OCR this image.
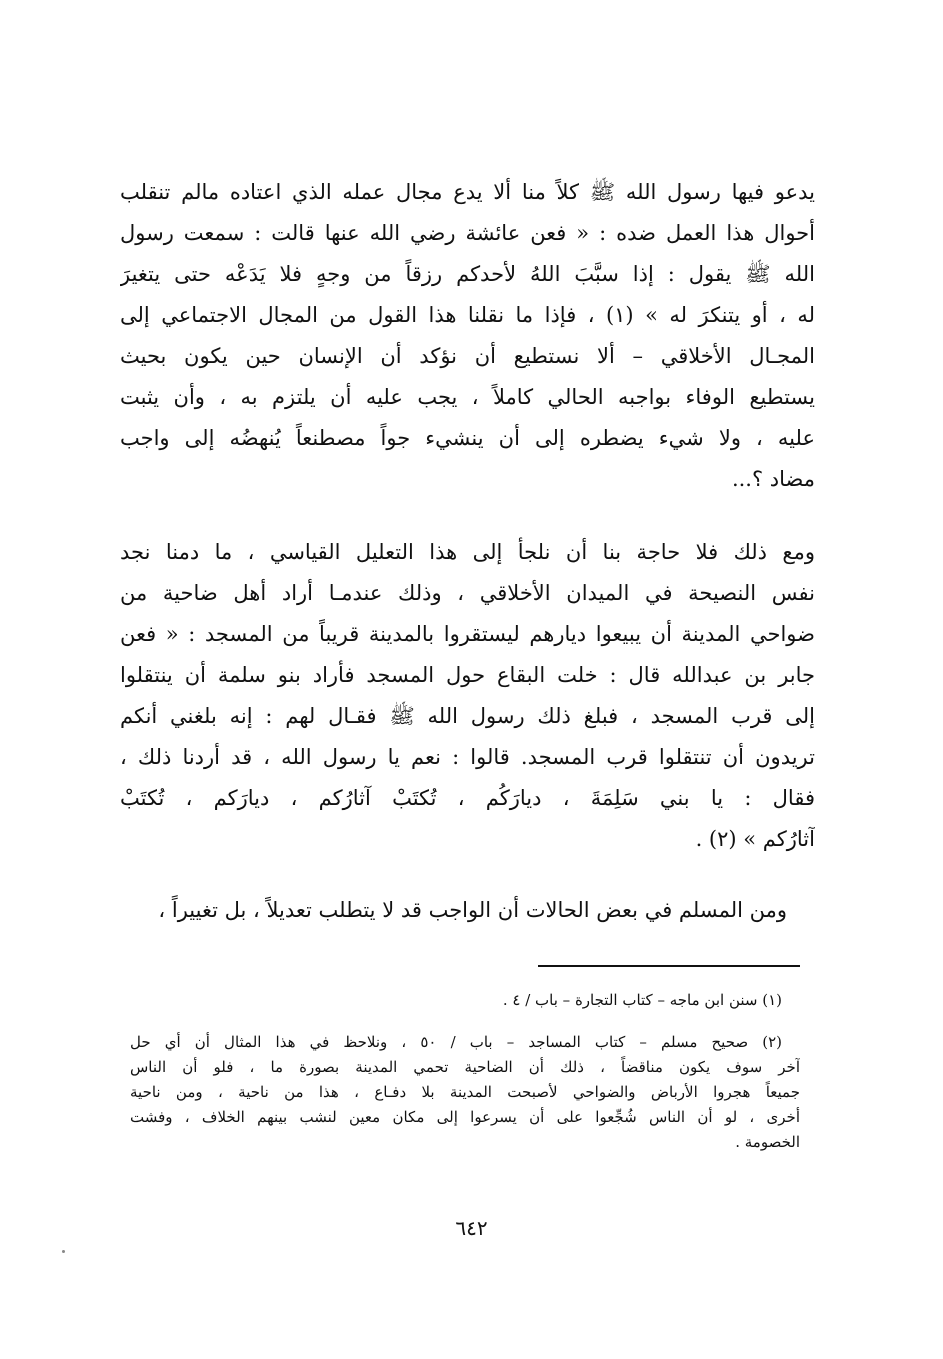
يدعو فيها رسول الله ﷺ كلاً منا ألا يدع مجال عمله الذي اعتاده مالم تنقلب
أحوال هذا العمل ضده : « فعن عائشة رضي الله عنها قالت : سمعت رسول
الله ﷺ يقول : إذا سبَّبَ اللهُ لأحدكم رزقاً من وجهٍ فلا يَدَعْه حتى يتغيرَ
له ، أو يتنكرَ له » (١) ، فإذا ما نقلنا هذا القول من المجال الاجتماعي إلى
المجـال الأخلاقي – ألا نستطيع أن نؤكد أن الإنسان حين يكون بحيث
يستطيع الوفاء بواجبه الحالي كاملاً ، يجب عليه أن يلتزم به ، وأن يثبت
عليه ، ولا شيء يضطره إلى أن ينشيء جواً مصطنعاً يُنهضُه إلى واجب
مضاد ؟...
ومع ذلك فلا حاجة بنا أن نلجأ إلى هذا التعليل القياسي ، ما دمنا نجد
نفس النصيحة في الميدان الأخلاقي ، وذلك عندمـا أراد أهل ضاحية من
ضواحي المدينة أن يبيعوا ديارهم ليستقروا بالمدينة قريباً من المسجد : « فعن
جابر بن عبدالله قال : خلت البقاع حول المسجد فأراد بنو سلمة أن ينتقلوا
إلى قرب المسجد ، فبلغ ذلك رسول الله ﷺ فقـال لهم : إنه بلغني أنكم
تريدون أن تنتقلوا قرب المسجد. قالوا : نعم يا رسول الله ، قد أردنا ذلك ،
فقال : يا بني سَلِمَةَ ، ديارَكُم ، تُكتَبْ آثارُكم ، ديارَكم ، تُكتَبْ
آثارُكم » (٢) .
ومن المسلم في بعض الحالات أن الواجب قد لا يتطلب تعديلاً ، بل تغييراً ،
(١) سنن ابن ماجه – كتاب التجارة – باب / ٤ .
(٢) صحيح مسلم – كتاب المساجد – باب / ٥٠ ، ونلاحظ في هذا المثال أن أي حل
آخر سوف يكون مناقضاً ، ذلك أن الضاحية تحمي المدينة بصورة ما ، فلو أن الناس
جميعاً هجروا الأرباض والضواحي لأصبحت المدينة بلا دفـاع ، هذا من ناحية ، ومن ناحية
أخرى ، لو أن الناس شُجِّعوا على أن يسرعوا إلى مكان معين لنشب بينهم الخلاف ، وفشت
الخصومة .
٦٤٢
